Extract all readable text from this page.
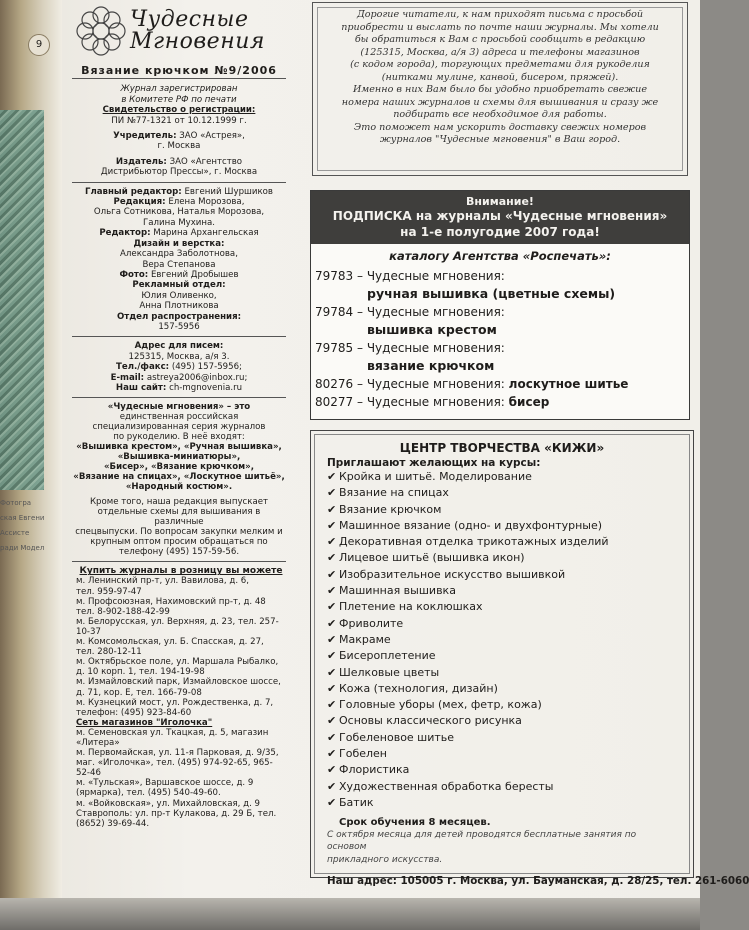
9
Фотогра
ская Евгени
Ассисте
ради Модел
Чудесные Мгновения
Вязание крючком №9/2006
Журнал зарегистрирован
в Комитете РФ по печати
Свидетельство о регистрации:
ПИ №77-1321 от 10.12.1999 г.
Учредитель: ЗАО «Астрея»,
г. Москва
Издатель: ЗАО «Агентство
Дистрибьютор Прессы», г. Москва
Главный редактор: Евгений Шуршиков
Редакция: Елена Морозова,
Ольга Сотникова, Наталья Морозова,
Галина Мухина.
Редактор: Марина Архангельская
Дизайн и верстка:
Александра Заболотнова,
Вера Степанова
Фото: Евгений Дробышев
Рекламный отдел:
Юлия Оливенко,
Анна Плотникова
Отдел распространения:
157-5956
Адрес для писем:
125315, Москва, а/я 3.
Тел./факс: (495) 157-5956;
E-mail: astreya2006@inbox.ru;
Наш сайт: ch-mgnovenia.ru
«Чудесные мгновения» – это
единственная российская
специализированная серия журналов
по рукоделию. В неё входят:
«Вышивка крестом», «Ручная вышивка»,
«Вышивка-миниатюры»,
«Бисер», «Вязание крючком»,
«Вязание на спицах», «Лоскутное шитьё»,
«Народный костюм».
Кроме того, наша редакция выпускает
отдельные схемы для вышивания в различные
спецвыпуски. По вопросам закупки мелким и
крупным оптом просим обращаться по
телефону (495) 157-59-56.
Купить журналы в розницу вы можете
м. Ленинский пр-т, ул. Вавилова, д. 6,
тел. 959-97-47
м. Профсоюзная, Нахимовский пр-т, д. 48
тел. 8-902-188-42-99
м. Белорусская, ул. Верхняя, д. 23, тел. 257-10-37
м. Комсомольская, ул. Б. Спасская, д. 27,
тел. 280-12-11
м. Октябрьское поле, ул. Маршала Рыбалко,
д. 10 корп. 1, тел. 194-19-98
м. Измайловский парк, Измайловское шоссе,
д. 71, кор. Е, тел. 166-79-08
м. Кузнецкий мост, ул. Рождественка, д. 7,
телефон: (495) 923-84-60
Сеть магазинов "Иголочка"
м. Семеновская ул. Ткацкая, д. 5, магазин «Литера»
м. Первомайская, ул. 11-я Парковая, д. 9/35,
маг. «Иголочка», тел. (495) 974-92-65, 965-52-46
м. «Тульская», Варшавское шоссе, д. 9
(ярмарка), тел. (495) 540-49-60.
м. «Войковская», ул. Михайловская, д. 9
Ставрополь: ул. пр-т Кулакова, д. 29 Б, тел.
(8652) 39-69-44.

Дорогие читатели, к нам приходят письма с просьбой

приобрести и выслать по почте наши журналы. Мы хотели

бы обратиться к Вам с просьбой сообщить в редакцию

(125315, Москва, а/я 3) адреса и телефоны магазинов

(с кодом города), торгующих предметами для рукоделия

(нитками мулине, канвой, бисером, пряжей).

Именно в них Вам было бы удобно приобретать свежие

номера наших журналов и схемы для вышивания и сразу же

подбирать все необходимое для работы.

Это поможет нам ускорить доставку свежих номеров

журналов "Чудесные мгновения" в Ваш город.

Внимание!
ПОДПИСКА на журналы «Чудесные мгновения»
на 1-е полугодие 2007 года!
каталогу Агентства «Роспечать»:
79783 – Чудесные мгновения:
ручная вышивка (цветные схемы)
79784 – Чудесные мгновения:
вышивка крестом
79785 – Чудесные мгновения:
вязание крючком
80276 – Чудесные мгновения: лоскутное шитье
80277 – Чудесные мгновения: бисер
ЦЕНТР ТВОРЧЕСТВА «КИЖИ»
Приглашают желающих на курсы:
✔ Кройка и шитьё. Моделирование
✔ Вязание на спицах
✔ Вязание крючком
✔ Машинное вязание (одно- и двухфонтурные)
✔ Декоративная отделка трикотажных изделий
✔ Лицевое шитьё (вышивка икон)
✔ Изобразительное искусство вышивкой
✔ Машинная вышивка
✔ Плетение на коклюшках
✔ Фриволите
✔ Макраме
✔ Бисероплетение
✔ Шелковые цветы
✔ Кожа (технология, дизайн)
✔ Головные уборы (мех, фетр, кожа)
✔ Основы классического рисунка
✔ Гобеленовое шитье
✔ Гобелен
✔ Флористика
✔ Художественная обработка бересты
✔ Батик
Срок обучения 8 месяцев.
С октября месяца для детей проводятся бесплатные занятия по основом
прикладного искусства.
Наш адрес: 105005 г. Москва, ул. Бауманская, д. 28/25, тел. 261-6060
